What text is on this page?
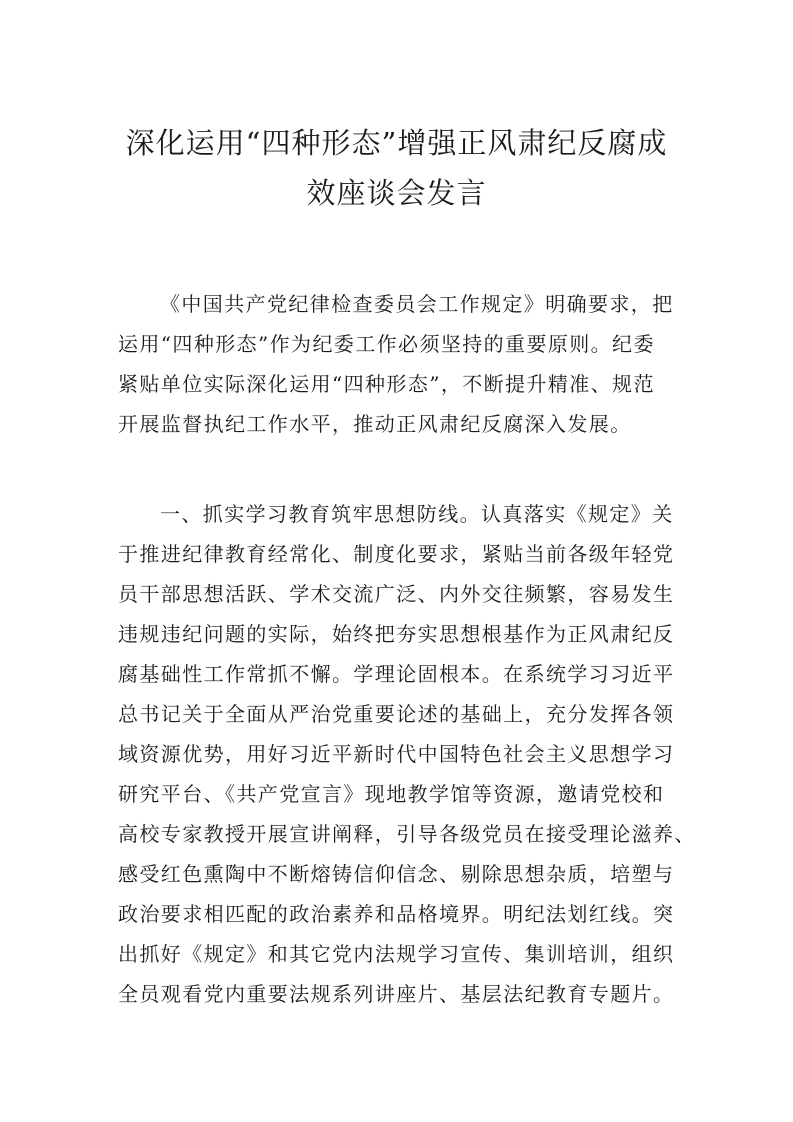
深化运用“四种形态”增强正风肃纪反腐成
效座谈会发言
《中国共产党纪律检查委员会工作规定》明确要求，把
运用“四种形态”作为纪委工作必须坚持的重要原则。纪委
紧贴单位实际深化运用“四种形态”，不断提升精准、规范
开展监督执纪工作水平，推动正风肃纪反腐深入发展。
一、抓实学习教育筑牢思想防线。认真落实《规定》关
于推进纪律教育经常化、制度化要求，紧贴当前各级年轻党
员干部思想活跃、学术交流广泛、内外交往频繁，容易发生
违规违纪问题的实际，始终把夯实思想根基作为正风肃纪反
腐基础性工作常抓不懈。学理论固根本。在系统学习习近平
总书记关于全面从严治党重要论述的基础上，充分发挥各领
域资源优势，用好习近平新时代中国特色社会主义思想学习
研究平台、《共产党宣言》现地教学馆等资源，邀请党校和
高校专家教授开展宣讲阐释，引导各级党员在接受理论滋养、
感受红色熏陶中不断熔铸信仰信念、剔除思想杂质，培塑与
政治要求相匹配的政治素养和品格境界。明纪法划红线。突
出抓好《规定》和其它党内法规学习宣传、集训培训，组织
全员观看党内重要法规系列讲座片、基层法纪教育专题片。
